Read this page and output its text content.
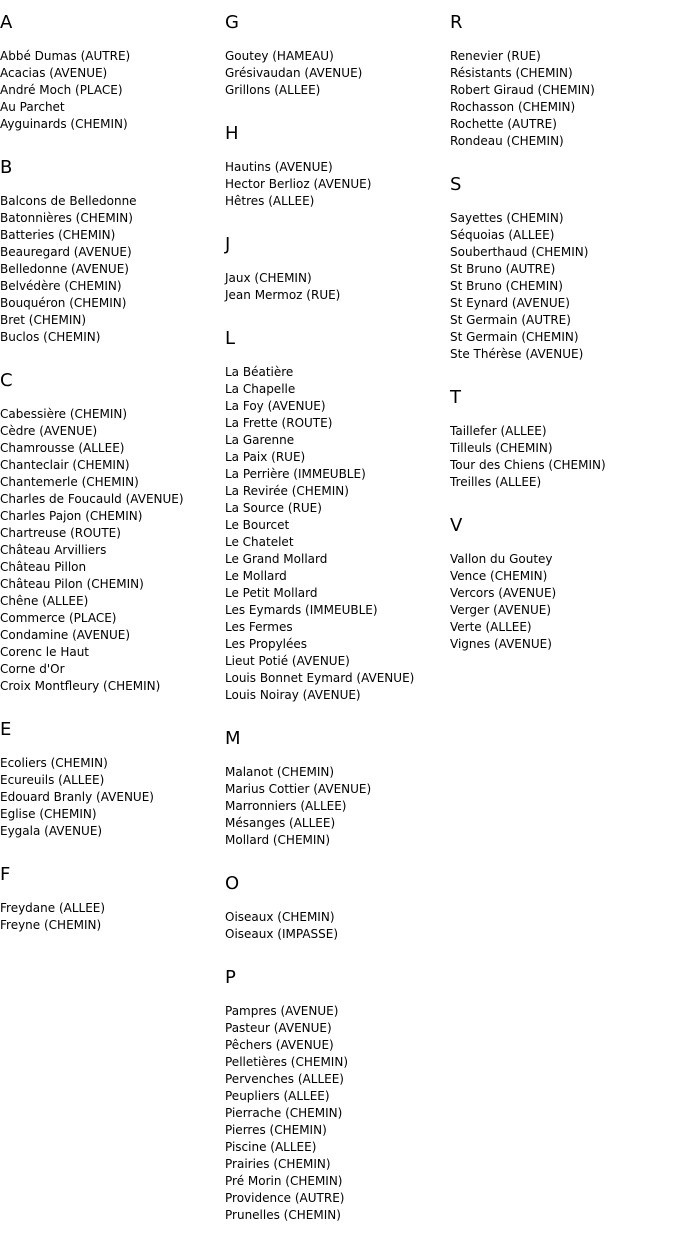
A
Abbé Dumas (AUTRE)
Acacias (AVENUE)
André Moch (PLACE)
Au Parchet
Ayguinards (CHEMIN)
B
Balcons de Belledonne
Batonnières (CHEMIN)
Batteries (CHEMIN)
Beauregard (AVENUE)
Belledonne (AVENUE)
Belvédère (CHEMIN)
Bouquéron (CHEMIN)
Bret (CHEMIN)
Buclos (CHEMIN)
C
Cabessière (CHEMIN)
Cèdre (AVENUE)
Chamrousse (ALLEE)
Chanteclair (CHEMIN)
Chantemerle (CHEMIN)
Charles de Foucauld (AVENUE)
Charles Pajon (CHEMIN)
Chartreuse (ROUTE)
Château Arvilliers
Château Pillon
Château Pilon (CHEMIN)
Chêne (ALLEE)
Commerce (PLACE)
Condamine (AVENUE)
Corenc le Haut
Corne d'Or
Croix Montfleury (CHEMIN)
E
Ecoliers (CHEMIN)
Ecureuils (ALLEE)
Edouard Branly (AVENUE)
Eglise (CHEMIN)
Eygala (AVENUE)
F
Freydane (ALLEE)
Freyne (CHEMIN)
G
Goutey (HAMEAU)
Grésivaudan (AVENUE)
Grillons (ALLEE)
H
Hautins (AVENUE)
Hector Berlioz (AVENUE)
Hêtres (ALLEE)
J
Jaux (CHEMIN)
Jean Mermoz (RUE)
L
La Béatière
La Chapelle
La Foy (AVENUE)
La Frette (ROUTE)
La Garenne
La Paix (RUE)
La Perrière (IMMEUBLE)
La Revirée (CHEMIN)
La Source (RUE)
Le Bourcet
Le Chatelet
Le Grand Mollard
Le Mollard
Le Petit Mollard
Les Eymards (IMMEUBLE)
Les Fermes
Les Propylées
Lieut Potié (AVENUE)
Louis Bonnet Eymard (AVENUE)
Louis Noiray (AVENUE)
M
Malanot (CHEMIN)
Marius Cottier (AVENUE)
Marronniers (ALLEE)
Mésanges (ALLEE)
Mollard (CHEMIN)
O
Oiseaux (CHEMIN)
Oiseaux (IMPASSE)
P
Pampres (AVENUE)
Pasteur (AVENUE)
Pêchers (AVENUE)
Pelletières (CHEMIN)
Pervenches (ALLEE)
Peupliers (ALLEE)
Pierrache (CHEMIN)
Pierres (CHEMIN)
Piscine (ALLEE)
Prairies (CHEMIN)
Pré Morin (CHEMIN)
Providence (AUTRE)
Prunelles (CHEMIN)
R
Renevier (RUE)
Résistants (CHEMIN)
Robert Giraud (CHEMIN)
Rochasson (CHEMIN)
Rochette (AUTRE)
Rondeau (CHEMIN)
S
Sayettes (CHEMIN)
Séquoias (ALLEE)
Souberthaud (CHEMIN)
St Bruno (AUTRE)
St Bruno (CHEMIN)
St Eynard (AVENUE)
St Germain (AUTRE)
St Germain (CHEMIN)
Ste Thérèse (AVENUE)
T
Taillefer (ALLEE)
Tilleuls (CHEMIN)
Tour des Chiens (CHEMIN)
Treilles (ALLEE)
V
Vallon du Goutey
Vence (CHEMIN)
Vercors (AVENUE)
Verger (AVENUE)
Verte (ALLEE)
Vignes (AVENUE)
